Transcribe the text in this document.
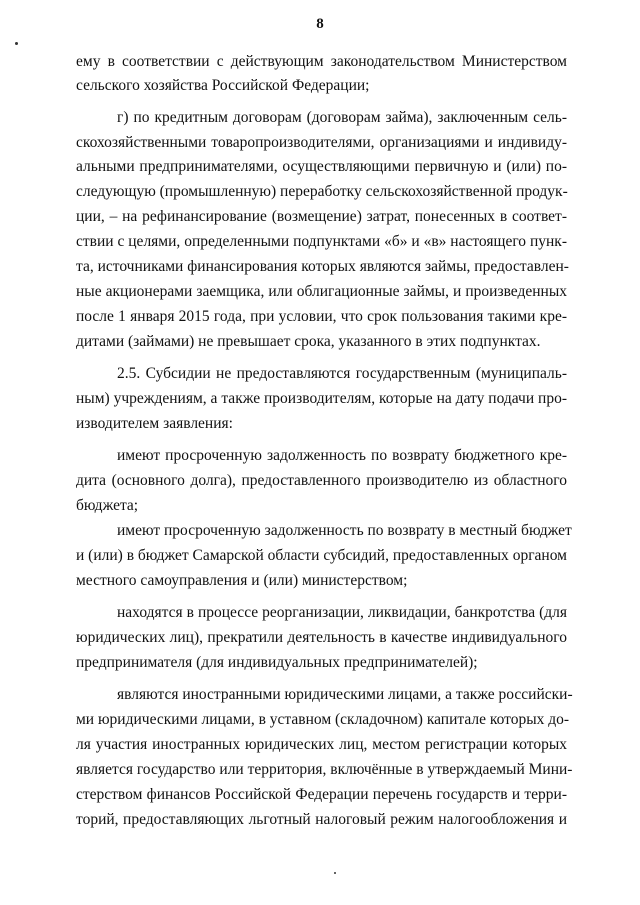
8
ему в соответствии с действующим законодательством Министерством
сельского хозяйства Российской Федерации;
г) по кредитным договорам (договорам займа), заключенным сель-
скохозяйственными товаропроизводителями, организациями и индивиду-
альными предпринимателями, осуществляющими первичную и (или) по-
следующую (промышленную) переработку сельскохозяйственной продук-
ции, – на рефинансирование (возмещение) затрат, понесенных в соответ-
ствии с целями, определенными подпунктами «б» и «в» настоящего пунк-
та, источниками финансирования которых являются займы, предоставлен-
ные акционерами заемщика, или облигационные займы, и произведенных
после 1 января 2015 года, при условии, что срок пользования такими кре-
дитами (займами) не превышает срока, указанного в этих подпунктах.
2.5. Субсидии не предоставляются государственным (муниципаль-
ным) учреждениям, а также производителям, которые на дату подачи про-
изводителем заявления:
имеют просроченную задолженность по возврату бюджетного кре-
дита (основного долга), предоставленного производителю из областного
бюджета;
имеют просроченную задолженность по возврату в местный бюджет
и (или) в бюджет Самарской области субсидий, предоставленных органом
местного самоуправления и (или) министерством;
находятся в процессе реорганизации, ликвидации, банкротства (для
юридических лиц), прекратили деятельность в качестве индивидуального
предпринимателя (для индивидуальных предпринимателей);
являются иностранными юридическими лицами, а также российски-
ми юридическими лицами, в уставном (складочном) капитале которых до-
ля участия иностранных юридических лиц, местом регистрации которых
является государство или территория, включённые в утверждаемый Мини-
стерством финансов Российской Федерации перечень государств и терри-
торий, предоставляющих льготный налоговый режим налогообложения и
